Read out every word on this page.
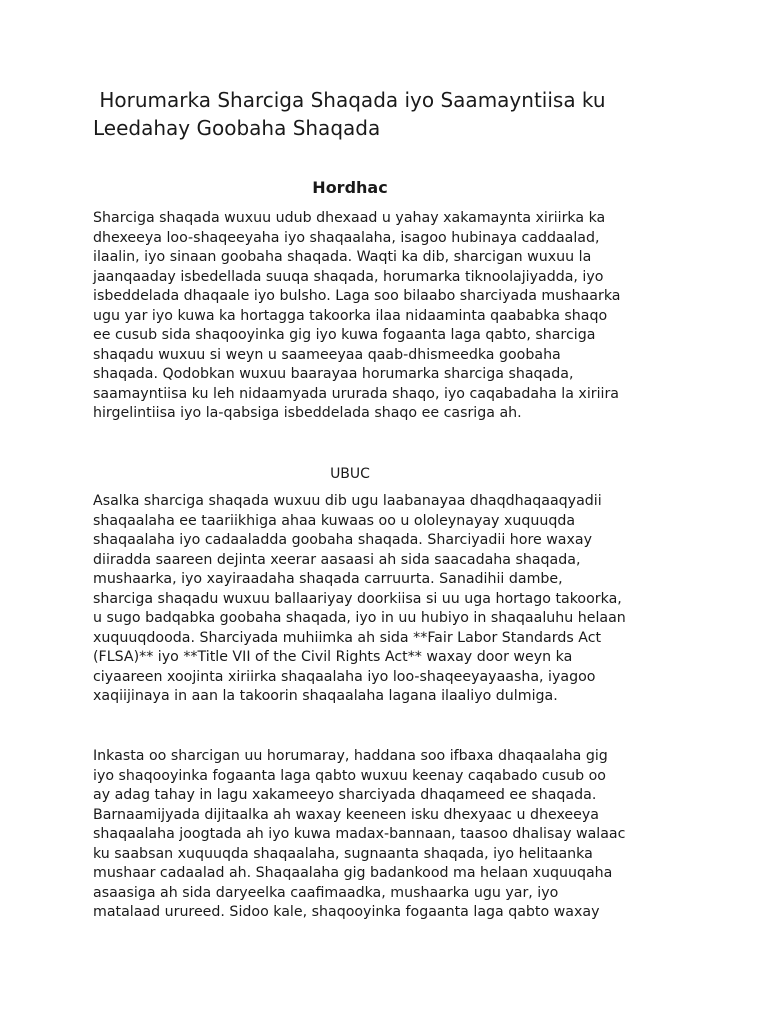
Horumarka Sharciga Shaqada iyo Saamayntiisa ku
Leedahay Goobaha Shaqada
Hordhac

Sharciga shaqada wuxuu udub dhexaad u yahay xakamaynta xiriirka ka
dhexeeya loo-shaqeeyaha iyo shaqaalaha, isagoo hubinaya caddaalad,
ilaalin, iyo sinaan goobaha shaqada. Waqti ka dib, sharcigan wuxuu la
jaanqaaday isbedellada suuqa shaqada, horumarka tiknoolajiyadda, iyo
isbeddelada dhaqaale iyo bulsho. Laga soo bilaabo sharciyada mushaarka
ugu yar iyo kuwa ka hortagga takoorka ilaa nidaaminta qaababka shaqo
ee cusub sida shaqooyinka gig iyo kuwa fogaanta laga qabto, sharciga
shaqadu wuxuu si weyn u saameeyaa qaab-dhismeedka goobaha
shaqada. Qodobkan wuxuu baarayaa horumarka sharciga shaqada,
saamayntiisa ku leh nidaamyada ururada shaqo, iyo caqabadaha la xiriira
hirgelintiisa iyo la-qabsiga isbeddelada shaqo ee casriga ah.

UBUC

Asalka sharciga shaqada wuxuu dib ugu laabanayaa dhaqdhaqaaqyadii
shaqaalaha ee taariikhiga ahaa kuwaas oo u ololeynayay xuquuqda
shaqaalaha iyo cadaaladda goobaha shaqada. Sharciyadii hore waxay
diiradda saareen dejinta xeerar aasaasi ah sida saacadaha shaqada,
mushaarka, iyo xayiraadaha shaqada carruurta. Sanadihii dambe,
sharciga shaqadu wuxuu ballaariyay doorkiisa si uu uga hortago takoorka,
u sugo badqabka goobaha shaqada, iyo in uu hubiyo in shaqaaluhu helaan
xuquuqdooda. Sharciyada muhiimka ah sida **Fair Labor Standards Act
(FLSA)** iyo **Title VII of the Civil Rights Act** waxay door weyn ka
ciyaareen xoojinta xiriirka shaqaalaha iyo loo-shaqeeyayaasha, iyagoo
xaqiijinaya in aan la takoorin shaqaalaha lagana ilaaliyo dulmiga.

Inkasta oo sharcigan uu horumaray, haddana soo ifbaxa dhaqaalaha gig
iyo shaqooyinka fogaanta laga qabto wuxuu keenay caqabado cusub oo
ay adag tahay in lagu xakameeyo sharciyada dhaqameed ee shaqada.
Barnaamijyada dijitaalka ah waxay keeneen isku dhexyaac u dhexeeya
shaqaalaha joogtada ah iyo kuwa madax-bannaan, taasoo dhalisay walaac
ku saabsan xuquuqda shaqaalaha, sugnaanta shaqada, iyo helitaanka
mushaar cadaalad ah. Shaqaalaha gig badankood ma helaan xuquuqaha
asaasiga ah sida daryeelka caafimaadka, mushaarka ugu yar, iyo
matalaad urureed. Sidoo kale, shaqooyinka fogaanta laga qabto waxay
